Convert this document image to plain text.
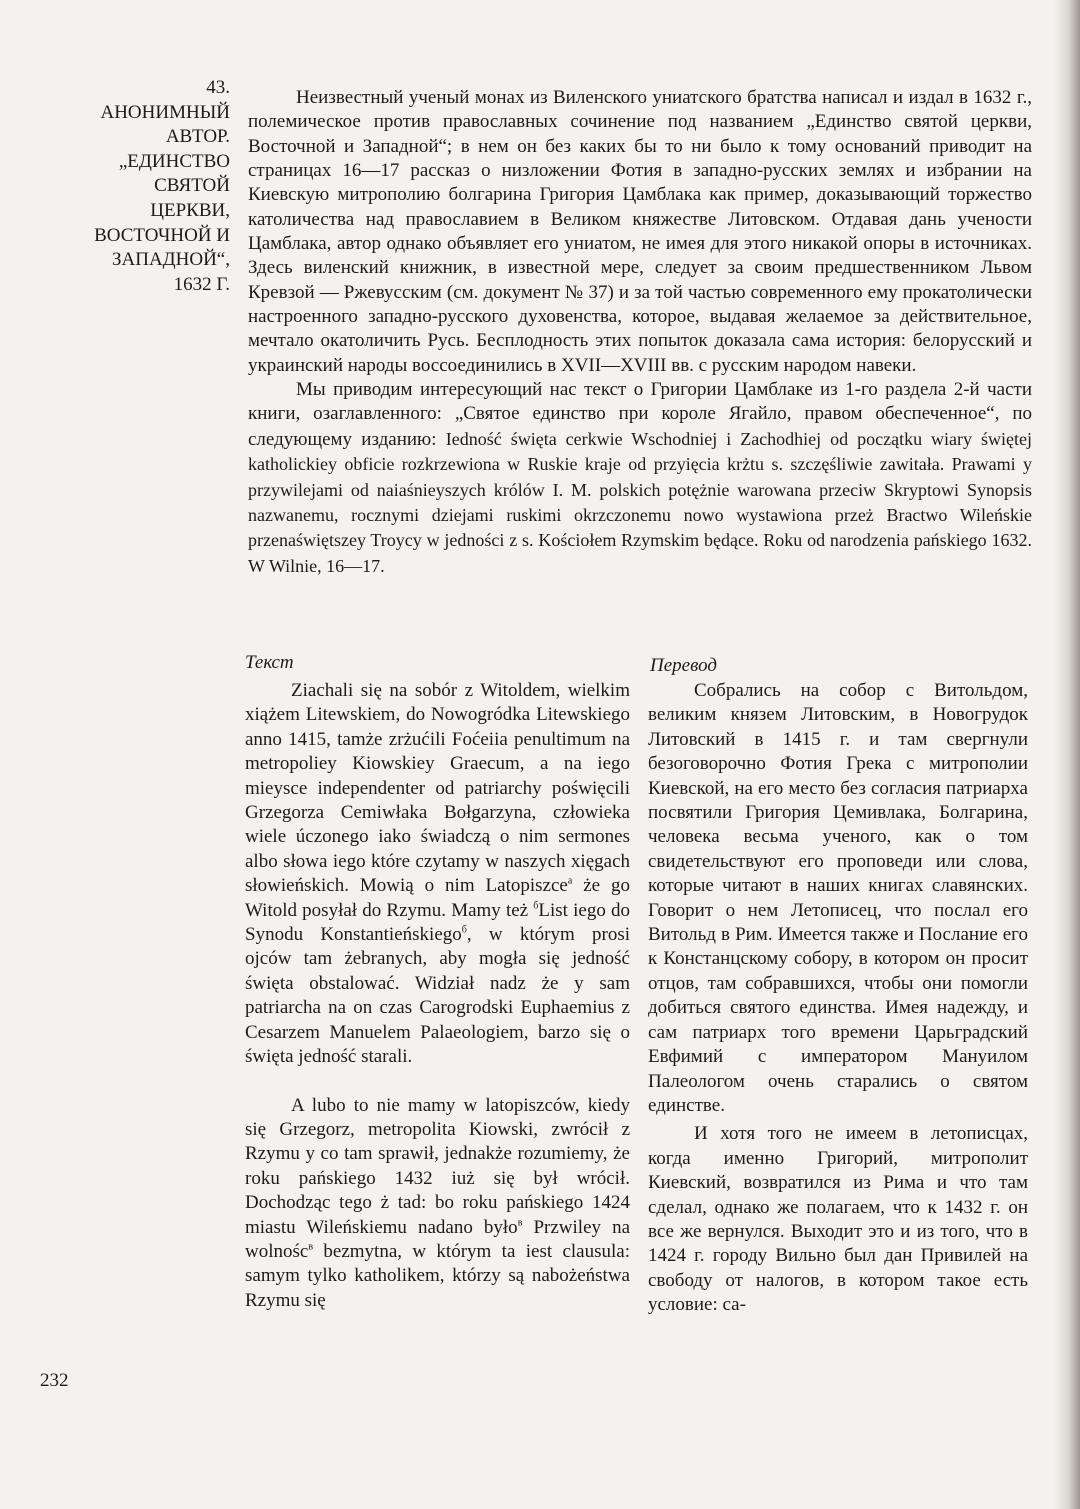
43.
АНОНИМНЫЙ
АВТОР.
„ЕДИНСТВО
СВЯТОЙ
ЦЕРКВИ,
ВОСТОЧНОЙ И
ЗАПАДНОЙ“,
1632 Г.

Неизвестный ученый монах из Виленского униатского братства написал и издал в 1632 г., полемическое против православных сочинение под названием „Единство святой церкви, Восточной и Западной“; в нем он без каких бы то ни было к тому оснований приводит на страницах 16—17 рассказ о низложении Фотия в западно-русских землях и избрании на Киевскую митрополию болгарина Григория Цамблака как пример, доказывающий торжество католичества над православием в Великом княжестве Литовском. Отдавая дань учености Цамблака, автор однако объявляет его униатом, не имея для этого никакой опоры в источниках. Здесь виленский книжник, в известной мере, следует за своим предшественником Львом Кревзой — Ржевусским (см. документ № 37) и за той частью современного ему прокатолически настроенного западно-русского духовенства, которое, выдавая желаемое за действительное, мечтало окатоличить Русь. Бесплодность этих попыток доказала сама история: белорусский и украинский народы воссоединились в XVII—XVIII вв. с русским народом навеки.

Мы приводим интересующий нас текст о Григории Цамблаке из 1-го раздела 2-й части книги, озаглавленного: „Святое единство при короле Ягайло, правом обеспеченное“, по следующему изданию: Iedność święta cerkwie Wschodniej i Zachodhiej od początku wiary świętej katholickiey obficie rozkrzewiona w Ruskie kraje od przyięcia krżtu s. szczęśliwie zawitała. Prawami y przywilejami od naiaśnieyszych królów I. M. polskich potężnie warowana przeciw Skryptowi Synopsis nazwanemu, rocznymi dziejami ruskimi okrzczonemu nowo wystawiona przeż Bractwo Wileńskie przenaświętszey Troycy w jedności z s. Kościołem Rzymskim będące. Roku od narodzenia pańskiego 1632. W Wilnie, 16—17.

Текст	Перевод

Ziachali się na sobór z Witoldem, wielkim xiążem Litewskiem, do Nowogródka Litewskiego anno 1415, tamże zrżućili Foćeiia penultimum na metropoliey Kiowskiey Graecum, a na iego mieysce independenter od patriarchy poświęcili Grzegorza Cemiwłaka Bołgarzyna, człowieka wiele úczonego iako świadczą o nim sermones albo słowa iego które czytamy w naszych xięgach słowieńskich. Mowią o nim Latopiszce$^a$ że go Witold posyłał do Rzymu. Mamy też $^б$List iego do Synodu Konstantieńskiego$^б$, w którym prosi ojców tam żebranych, aby mogła się jedność święta obstalować. Widział nadz że y sam patriarcha na on czas Carogrodski Euphaemius z Cesarzem Manuelem Palaeologiem, barzo się o święta jedność starali.

A lubo to nie mamy w latopiszców, kiedy się Grzegorz, metropolita Kiowski, zwrócił z Rzymu y co tam sprawił, jednakże rozumiemy, że roku pańskiego 1432 iuż się był wrócił. Dochodząc tego ż tad: bo roku pańskiego 1424 miastu Wileńskiemu nadano było$^в$ Przwiley na wolnośc$^в$ bezmytna, w którym ta iest clausula: samym tylko katholikem, którzy są nabożeństwa Rzymu się

Собрались на собор с Витольдом, великим князем Литовским, в Новогрудок Литовский в 1415 г. и там свергнули безоговорочно Фотия Грека с митрополии Киевской, на его место без согласия патриарха посвятили Григория Цемивлака, Болгарина, человека весьма ученого, как о том свидетельствуют его проповеди или слова, которые читают в наших книгах славянских. Говорит о нем Летописец, что послал его Витольд в Рим. Имеется также и Послание его к Констанцскому собору, в котором он просит отцов, там собравшихся, чтобы они помогли добиться святого единства. Имея надежду, и сам патриарх того времени Царьградский Евфимий с императором Мануилом Палеологом очень старались о святом единстве.

И хотя того не имеем в летописцах, когда именно Григорий, митрополит Киевский, возвратился из Рима и что там сделал, однако же полагаем, что к 1432 г. он все же вернулся. Выходит это и из того, что в 1424 г. городу Вильно был дан Привилей на свободу от налогов, в котором такое есть условие: са-

232
